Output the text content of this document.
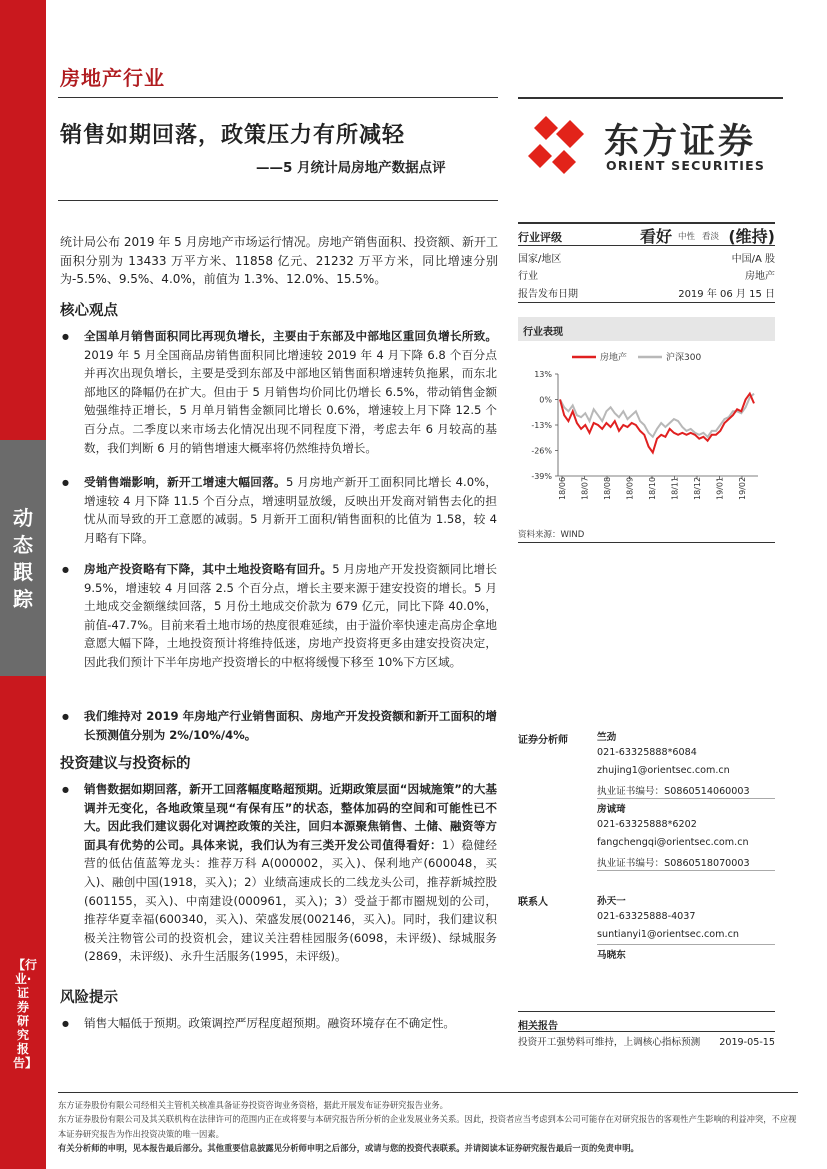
动态跟踪
【行业·证券研究报告】
房地产行业
销售如期回落，政策压力有所减轻
——5 月统计局房地产数据点评
东方证券
ORIENT SECURITIES
统计局公布 2019 年 5 月房地产市场运行情况。房地产销售面积、投资额、新开工面积分别为 13433 万平方米、11858 亿元、21232 万平方米，同比增速分别为-5.5%、9.5%、4.0%，前值为 1.3%、12.0%、15.5%。
核心观点
● 全国单月销售面积同比再现负增长，主要由于东部及中部地区重回负增长所致。2019 年 5 月全国商品房销售面积同比增速较 2019 年 4 月下降 6.8 个百分点并再次出现负增长，主要是受到东部及中部地区销售面积增速转负拖累，而东北部地区的降幅仍在扩大。但由于 5 月销售均价同比仍增长 6.5%，带动销售金额勉强维持正增长，5 月单月销售金额同比增长 0.6%，增速较上月下降 12.5 个百分点。二季度以来市场去化情况出现不同程度下滑，考虑去年 6 月较高的基数，我们判断 6 月的销售增速大概率将仍然维持负增长。
● 受销售端影响，新开工增速大幅回落。5 月房地产新开工面积同比增长 4.0%，增速较 4 月下降 11.5 个百分点，增速明显放缓，反映出开发商对销售去化的担忧从而导致的开工意愿的减弱。5 月新开工面积/销售面积的比值为 1.58，较 4 月略有下降。
● 房地产投资略有下降，其中土地投资略有回升。5 月房地产开发投资额同比增长 9.5%，增速较 4 月回落 2.5 个百分点，增长主要来源于建安投资的增长。5 月土地成交金额继续回落，5 月份土地成交价款为 679 亿元，同比下降 40.0%，前值-47.7%。目前来看土地市场的热度很难延续，由于溢价率快速走高房企拿地意愿大幅下降，土地投资预计将维持低迷，房地产投资将更多由建安投资决定，因此我们预计下半年房地产投资增长的中枢将缓慢下移至 10%下方区域。
● 我们维持对 2019 年房地产行业销售面积、房地产开发投资额和新开工面积的增长预测值分别为 2%/10%/4%。
投资建议与投资标的
● 销售数据如期回落，新开工回落幅度略超预期。近期政策层面“因城施策”的大基调并无变化，各地政策呈现“有保有压”的状态，整体加码的空间和可能性已不大。因此我们建议弱化对调控政策的关注，回归本源聚焦销售、土储、融资等方面具有优势的公司。具体来说，我们认为有三类开发公司值得看好：1）稳健经营的低估值蓝筹龙头：推荐万科 A(000002，买入)、保利地产(600048，买入)、融创中国(1918，买入)；2）业绩高速成长的二线龙头公司，推荐新城控股(601155，买入)、中南建设(000961，买入)；3）受益于都市圈规划的公司，推荐华夏幸福(600340，买入)、荣盛发展(002146，买入)。同时，我们建议积极关注物管公司的投资机会，建议关注碧桂园服务(6098，未评级)、绿城服务(2869，未评级)、永升生活服务(1995，未评级)。
风险提示
● 销售大幅低于预期。政策调控严厉程度超预期。融资环境存在不确定性。
行业评级	看好 中性 看淡 (维持)
国家/地区	中国/A 股
行业	房地产
报告发布日期	2019 年 06 月 15 日
行业表现
13%
0%
-13%
-26%
-39%
18/06 18/07 18/08 18/09 18/10 18/11 18/12 19/01 19/02
房地产	沪深300
资料来源：WIND
证券分析师	竺劲
021-63325888*6084
zhujing1@orientsec.com.cn
执业证书编号：S0860514060003
房诚琦
021-63325888*6202
fangchengqi@orientsec.com.cn
执业证书编号：S0860518070003
联系人	孙天一
021-63325888-4037
suntianyi1@orientsec.com.cn
马晓东
相关报告
投资开工强势料可维持，上调核心指标预测 2019-05-15
东方证券股份有限公司经相关主管机关核准具备证券投资咨询业务资格，据此开展发布证券研究报告业务。
东方证券股份有限公司及其关联机构在法律许可的范围内正在或将要与本研究报告所分析的企业发展业务关系。因此，投资者应当考虑到本公司可能存在对研究报告的客观性产生影响的利益冲突，不应视本证券研究报告为作出投资决策的唯一因素。
有关分析师的申明，见本报告最后部分。其他重要信息披露见分析师申明之后部分，或请与您的投资代表联系。并请阅读本证券研究报告最后一页的免责申明。
